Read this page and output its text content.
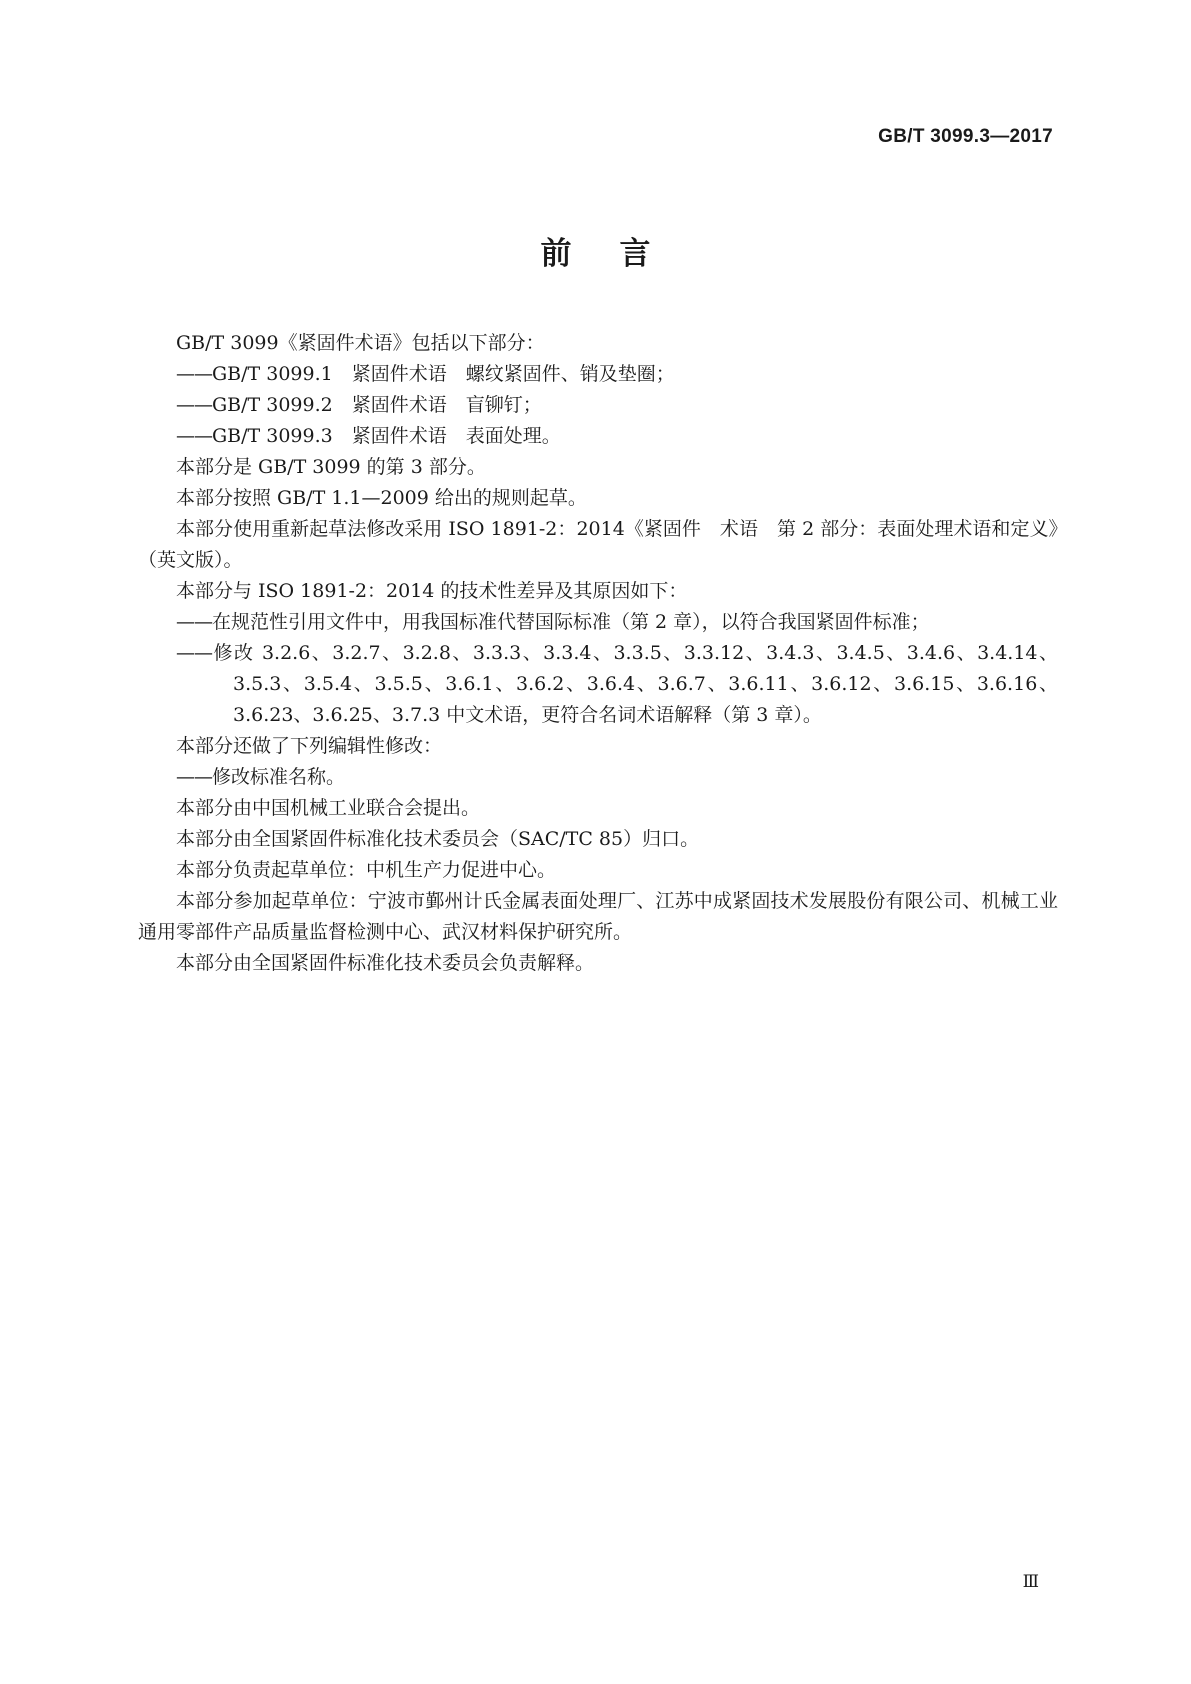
GB/T 3099.3—2017
前言

GB/T 3099《紧固件术语》包括以下部分：

——GB/T 3099.1　紧固件术语　螺纹紧固件、销及垫圈；

——GB/T 3099.2　紧固件术语　盲铆钉；

——GB/T 3099.3　紧固件术语　表面处理。

本部分是 GB/T 3099 的第 3 部分。

本部分按照 GB/T 1.1—2009 给出的规则起草。

本部分使用重新起草法修改采用 ISO 1891-2：2014《紧固件　术语　第 2 部分：表面处理术语和定义》（英文版）。

本部分与 ISO 1891-2：2014 的技术性差异及其原因如下：

——在规范性引用文件中，用我国标准代替国际标准（第 2 章），以符合我国紧固件标准；

——修改 3.2.6、3.2.7、3.2.8、3.3.3、3.3.4、3.3.5、3.3.12、3.4.3、3.4.5、3.4.6、3.4.14、3.5.3、3.5.4、3.5.5、3.6.1、3.6.2、3.6.4、3.6.7、3.6.11、3.6.12、3.6.15、3.6.16、3.6.23、3.6.25、3.7.3 中文术语，更符合名词术语解释（第 3 章）。

本部分还做了下列编辑性修改：

——修改标准名称。

本部分由中国机械工业联合会提出。

本部分由全国紧固件标准化技术委员会（SAC/TC 85）归口。

本部分负责起草单位：中机生产力促进中心。

本部分参加起草单位：宁波市鄞州计氏金属表面处理厂、江苏中成紧固技术发展股份有限公司、机械工业通用零部件产品质量监督检测中心、武汉材料保护研究所。

本部分由全国紧固件标准化技术委员会负责解释。

Ⅲ
